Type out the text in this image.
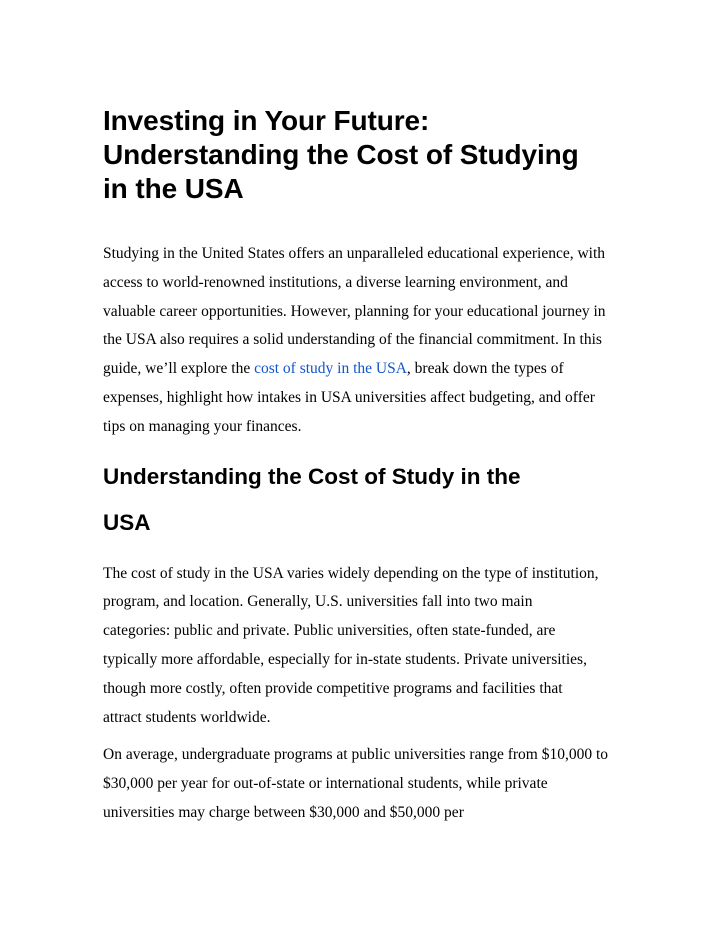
Investing in Your Future: Understanding the Cost of Studying in the USA

Studying in the United States offers an unparalleled educational experience, with access to world-renowned institutions, a diverse learning environment, and valuable career opportunities. However, planning for your educational journey in the USA also requires a solid understanding of the financial commitment. In this guide, we’ll explore the cost of study in the USA, break down the types of expenses, highlight how intakes in USA universities affect budgeting, and offer tips on managing your finances.

Understanding the Cost of Study in the USA

The cost of study in the USA varies widely depending on the type of institution, program, and location. Generally, U.S. universities fall into two main categories: public and private. Public universities, often state-funded, are typically more affordable, especially for in-state students. Private universities, though more costly, often provide competitive programs and facilities that attract students worldwide.

On average, undergraduate programs at public universities range from $10,000 to $30,000 per year for out-of-state or international students, while private universities may charge between $30,000 and $50,000 per
